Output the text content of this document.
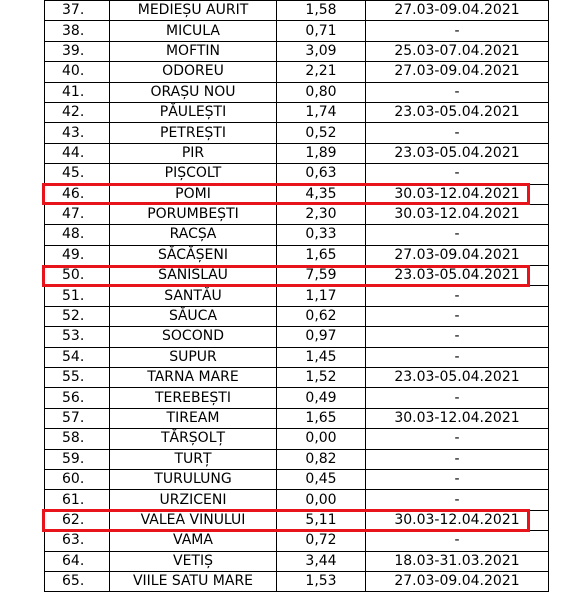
37.	MEDIEȘU AURIT	1,58	27.03-09.04.2021
38.	MICULA	0,71	-
39.	MOFTIN	3,09	25.03-07.04.2021
40.	ODOREU	2,21	27.03-09.04.2021
41.	ORAȘU NOU	0,80	-
42.	PĂULEȘTI	1,74	23.03-05.04.2021
43.	PETREȘTI	0,52	-
44.	PIR	1,89	23.03-05.04.2021
45.	PIȘCOLT	0,63	-
46.	POMI	4,35	30.03-12.04.2021
47.	PORUMBEȘTI	2,30	30.03-12.04.2021
48.	RACȘA	0,33	-
49.	SĂCĂȘENI	1,65	27.03-09.04.2021
50.	SANISLĂU	7,59	23.03-05.04.2021
51.	SANTĂU	1,17	-
52.	SĂUCA	0,62	-
53.	SOCOND	0,97	-
54.	SUPUR	1,45	-
55.	TARNA MARE	1,52	23.03-05.04.2021
56.	TEREBEȘTI	0,49	-
57.	TIREAM	1,65	30.03-12.04.2021
58.	TĂRȘOLȚ	0,00	-
59.	TURȚ	0,82	-
60.	TURULUNG	0,45	-
61.	URZICENI	0,00	-
62.	VALEA VINULUI	5,11	30.03-12.04.2021
63.	VAMA	0,72	-
64.	VETIȘ	3,44	18.03-31.03.2021
65.	VIILE SATU MARE	1,53	27.03-09.04.2021
